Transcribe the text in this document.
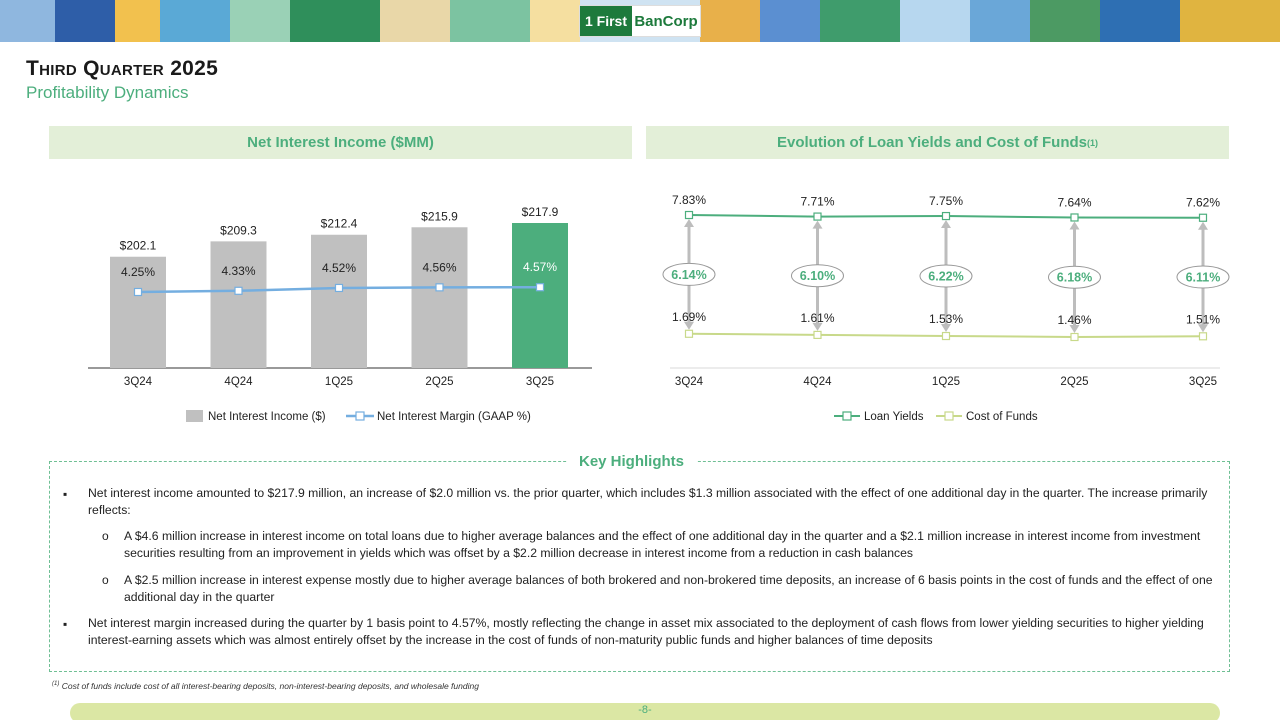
1 First BanCorp
Third Quarter 2025
Profitability Dynamics
Net Interest Income ($MM)	Evolution of Loan Yields and Cost of Funds (1)
$202.1
3Q24
$209.3
4Q24
$212.4
1Q25
$215.9
2Q25
$217.9
3Q25
4.25%	4.33%	4.52%	4.56%	4.57%
Net Interest Income ($)	Net Interest Margin (GAAP %)
6.14%
7.83%
1.69%
3Q24
6.10%
7.71%
1.61%
4Q24
6.22%
7.75%
1.53%
1Q25
6.18%
7.64%
1.46%
2Q25
6.11%
7.62%
1.51%
3Q25
Loan Yields	Cost of Funds
Key Highlights
▪ Net interest income amounted to $217.9 million, an increase of $2.0 million vs. the prior quarter, which includes $1.3 million associated with the effect of one additional day in the quarter. The increase primarily reflects:
o A $4.6 million increase in interest income on total loans due to higher average balances and the effect of one additional day in the quarter and a $2.1 million increase in interest income from investment securities resulting from an improvement in yields which was offset by a $2.2 million decrease in interest income from a reduction in cash balances
o A $2.5 million increase in interest expense mostly due to higher average balances of both brokered and non-brokered time deposits, an increase of 6 basis points in the cost of funds and the effect of one additional day in the quarter
▪ Net interest margin increased during the quarter by 1 basis point to 4.57%, mostly reflecting the change in asset mix associated to the deployment of cash flows from lower yielding securities to higher yielding interest-earning assets which was almost entirely offset by the increase in the cost of funds of non-maturity public funds and higher balances of time deposits
$^{(1)}$ Cost of funds include cost of all interest-bearing deposits, non-interest-bearing deposits, and wholesale funding
-8-
